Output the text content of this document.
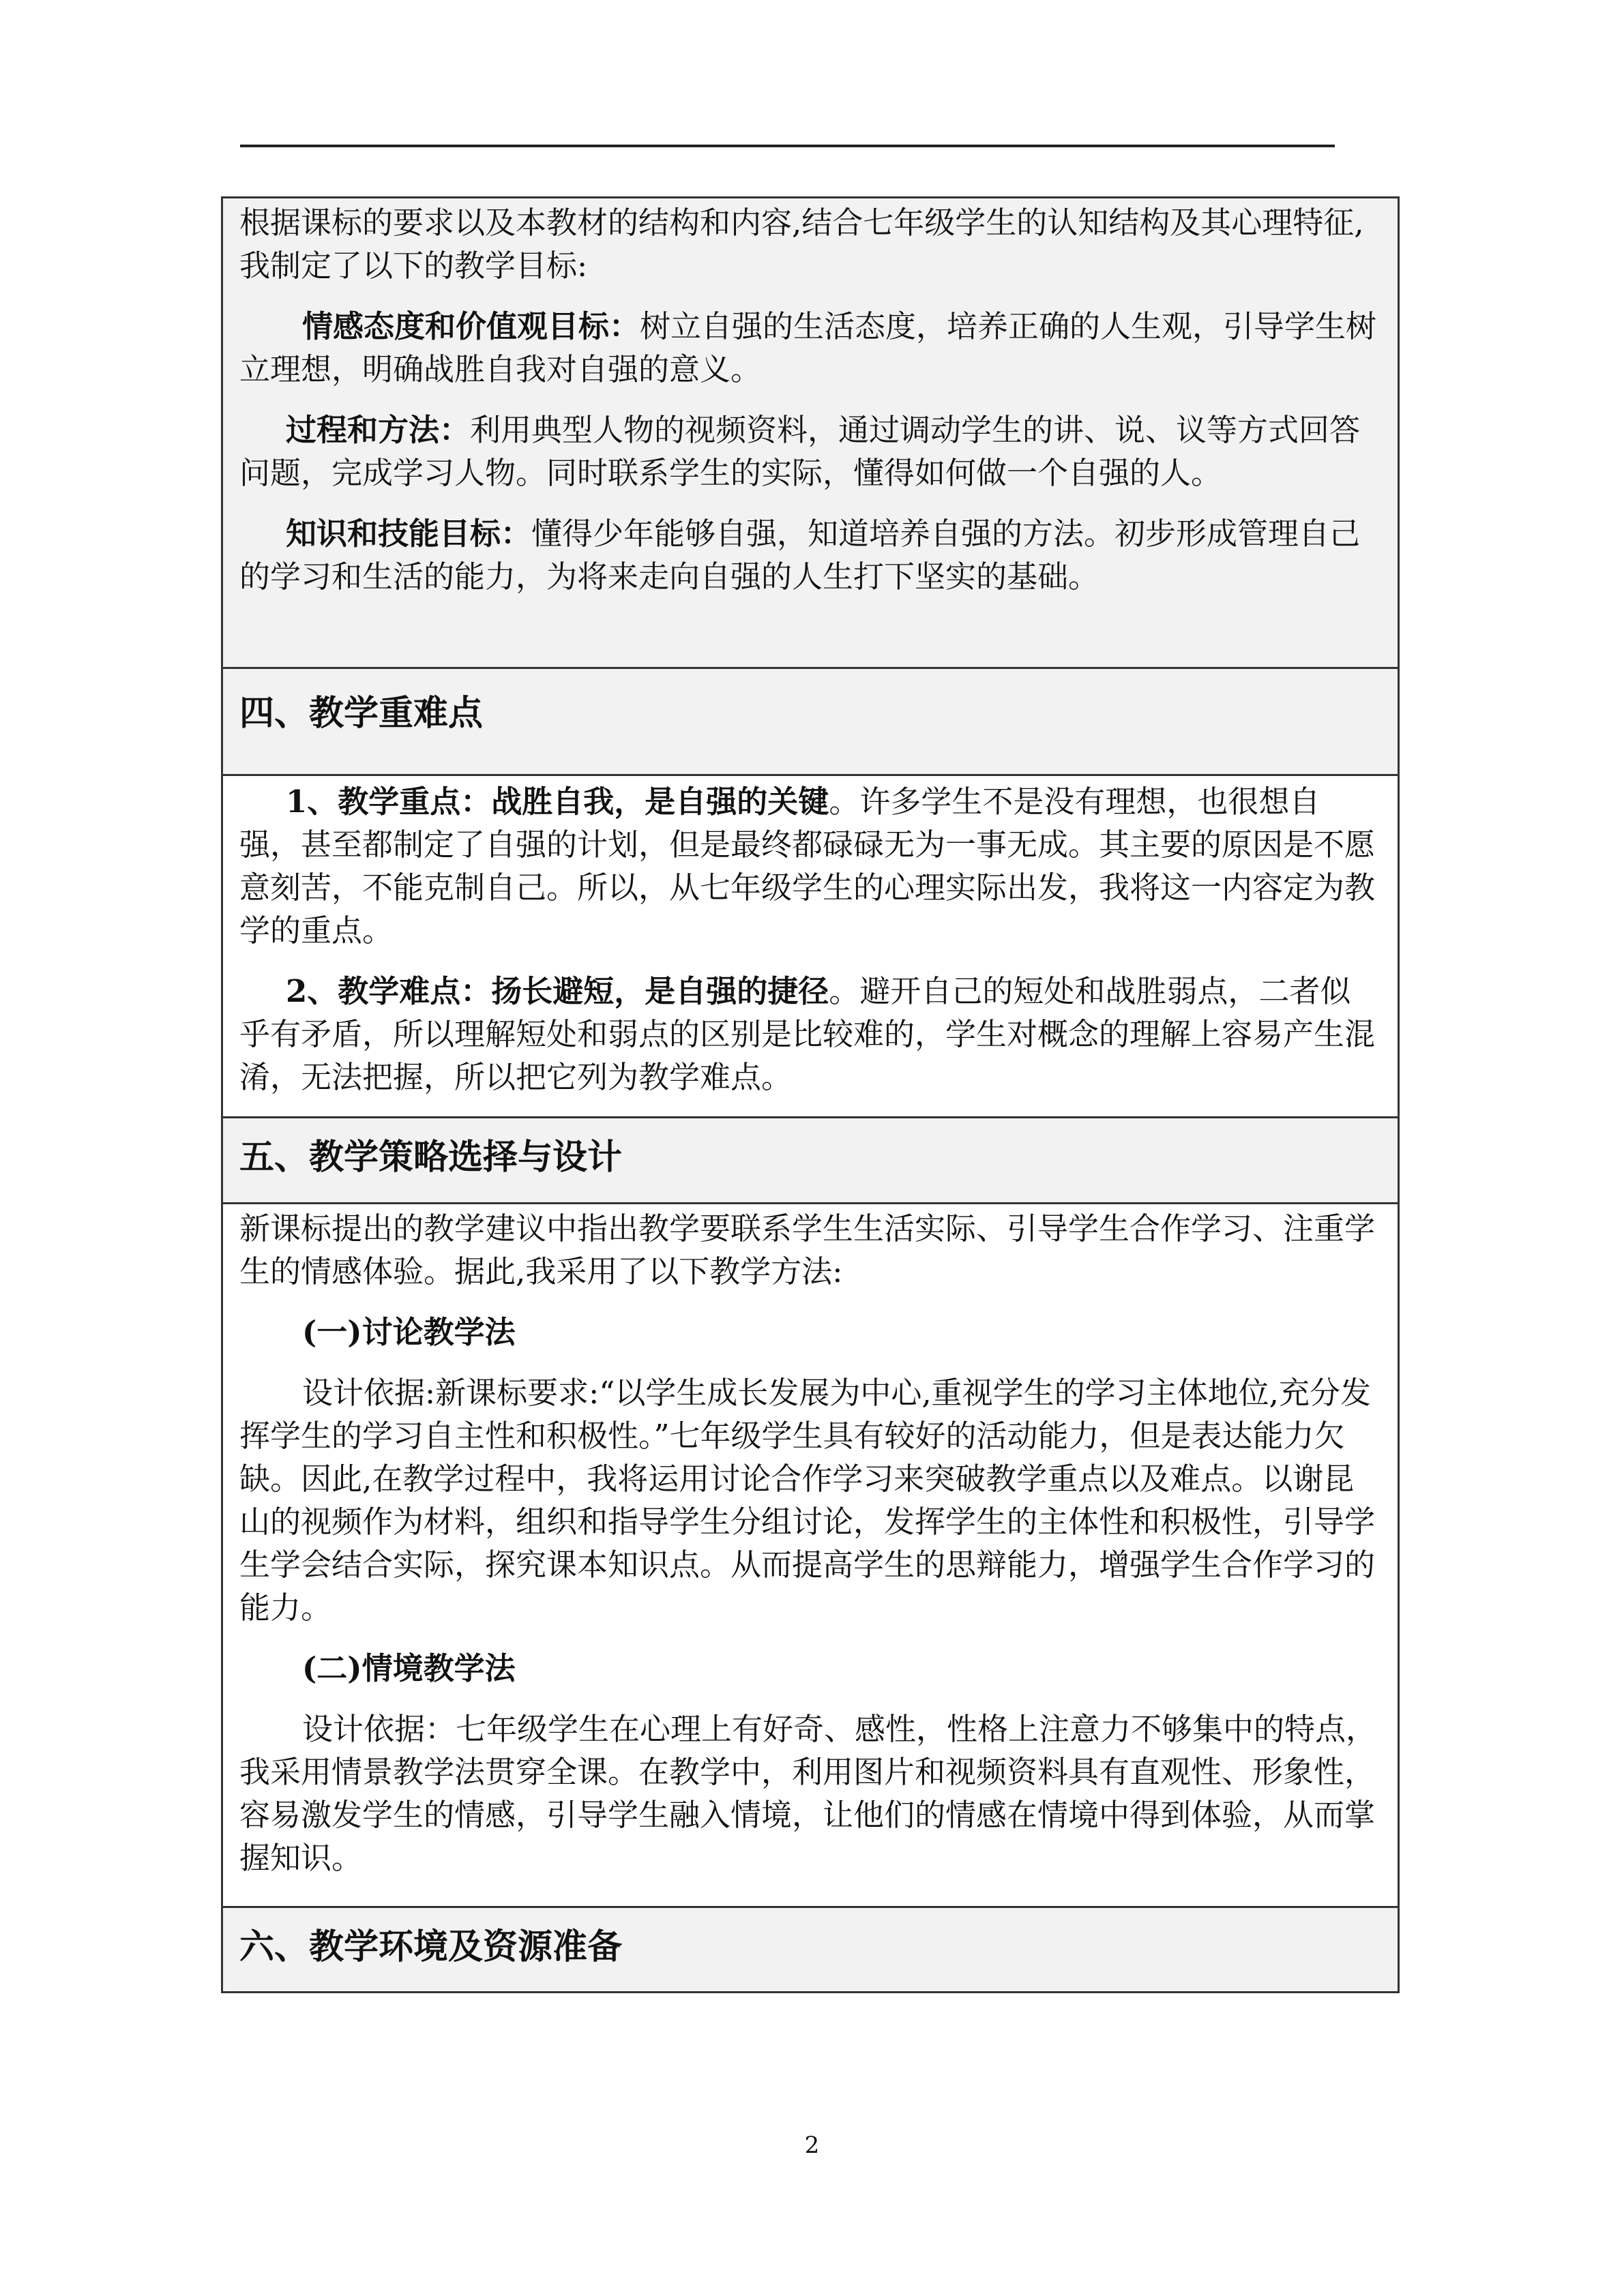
根据课标的要求以及本教材的结构和内容,结合七年级学生的认知结构及其心理特征,我制定了以下的教学目标:

情感态度和价值观目标：树立自强的生活态度，培养正确的人生观，引导学生树立理想，明确战胜自我对自强的意义。

过程和方法：利用典型人物的视频资料，通过调动学生的讲、说、议等方式回答问题，完成学习人物。同时联系学生的实际，懂得如何做一个自强的人。

知识和技能目标：懂得少年能够自强，知道培养自强的方法。初步形成管理自己的学习和生活的能力，为将来走向自强的人生打下坚实的基础。

四、教学重难点

1、教学重点：战胜自我，是自强的关键。许多学生不是没有理想，也很想自强，甚至都制定了自强的计划，但是最终都碌碌无为一事无成。其主要的原因是不愿意刻苦，不能克制自己。所以，从七年级学生的心理实际出发，我将这一内容定为教学的重点。

2、教学难点：扬长避短，是自强的捷径。避开自己的短处和战胜弱点，二者似乎有矛盾，所以理解短处和弱点的区别是比较难的，学生对概念的理解上容易产生混淆，无法把握，所以把它列为教学难点。

五、教学策略选择与设计

新课标提出的教学建议中指出教学要联系学生生活实际、引导学生合作学习、注重学生的情感体验。据此,我采用了以下教学方法:

(一)讨论教学法

设计依据:新课标要求:“以学生成长发展为中心,重视学生的学习主体地位,充分发挥学生的学习自主性和积极性。”七年级学生具有较好的活动能力，但是表达能力欠缺。因此,在教学过程中，我将运用讨论合作学习来突破教学重点以及难点。以谢昆山的视频作为材料，组织和指导学生分组讨论，发挥学生的主体性和积极性，引导学生学会结合实际，探究课本知识点。从而提高学生的思辩能力，增强学生合作学习的能力。

(二)情境教学法

设计依据：七年级学生在心理上有好奇、感性，性格上注意力不够集中的特点，我采用情景教学法贯穿全课。在教学中，利用图片和视频资料具有直观性、形象性，容易激发学生的情感，引导学生融入情境，让他们的情感在情境中得到体验，从而掌握知识。

六、教学环境及资源准备
2
